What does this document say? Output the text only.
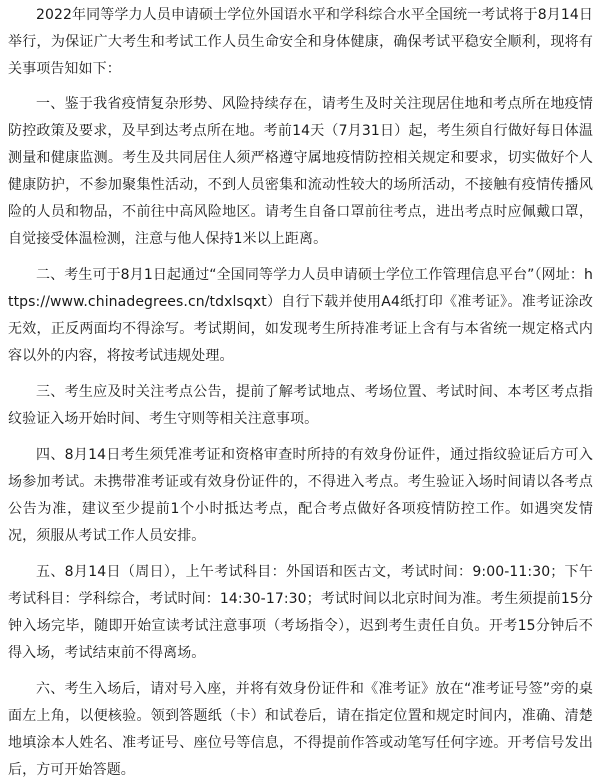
2022年同等学力人员申请硕士学位外国语水平和学科综合水平全国统一考试将于8月14日举行，为保证广大考生和考试工作人员生命安全和身体健康，确保考试平稳安全顺利，现将有关事项告知如下：

一、鉴于我省疫情复杂形势、风险持续存在，请考生及时关注现居住地和考点所在地疫情防控政策及要求，及早到达考点所在地。考前14天（7月31日）起，考生须自行做好每日体温测量和健康监测。考生及共同居住人须严格遵守属地疫情防控相关规定和要求，切实做好个人健康防护，不参加聚集性活动，不到人员密集和流动性较大的场所活动，不接触有疫情传播风险的人员和物品，不前往中高风险地区。请考生自备口罩前往考点，进出考点时应佩戴口罩，自觉接受体温检测，注意与他人保持1米以上距离。

二、考生可于8月1日起通过“全国同等学力人员申请硕士学位工作管理信息平台”（网址：https://www.chinadegrees.cn/tdxlsqxt）自行下载并使用A4纸打印《准考证》。准考证涂改无效，正反两面均不得涂写。考试期间，如发现考生所持准考证上含有与本省统一规定格式内容以外的内容，将按考试违规处理。

三、考生应及时关注考点公告，提前了解考试地点、考场位置、考试时间、本考区考点指纹验证入场开始时间、考生守则等相关注意事项。

四、8月14日考生须凭准考证和资格审查时所持的有效身份证件，通过指纹验证后方可入场参加考试。未携带准考证或有效身份证件的，不得进入考点。考生验证入场时间请以各考点公告为准，建议至少提前1个小时抵达考点，配合考点做好各项疫情防控工作。如遇突发情况，须服从考试工作人员安排。

五、8月14日（周日），上午考试科目：外国语和医古文，考试时间：9:00-11:30；下午考试科目：学科综合，考试时间：14:30-17:30；考试时间以北京时间为准。考生须提前15分钟入场完毕，随即开始宣读考试注意事项（考场指令），迟到考生责任自负。开考15分钟后不得入场，考试结束前不得离场。

六、考生入场后，请对号入座，并将有效身份证件和《准考证》放在“准考证号签”旁的桌面左上角，以便核验。领到答题纸（卡）和试卷后，请在指定位置和规定时间内，准确、清楚地填涂本人姓名、准考证号、座位号等信息，不得提前作答或动笔写任何字迹。开考信号发出后，方可开始答题。
